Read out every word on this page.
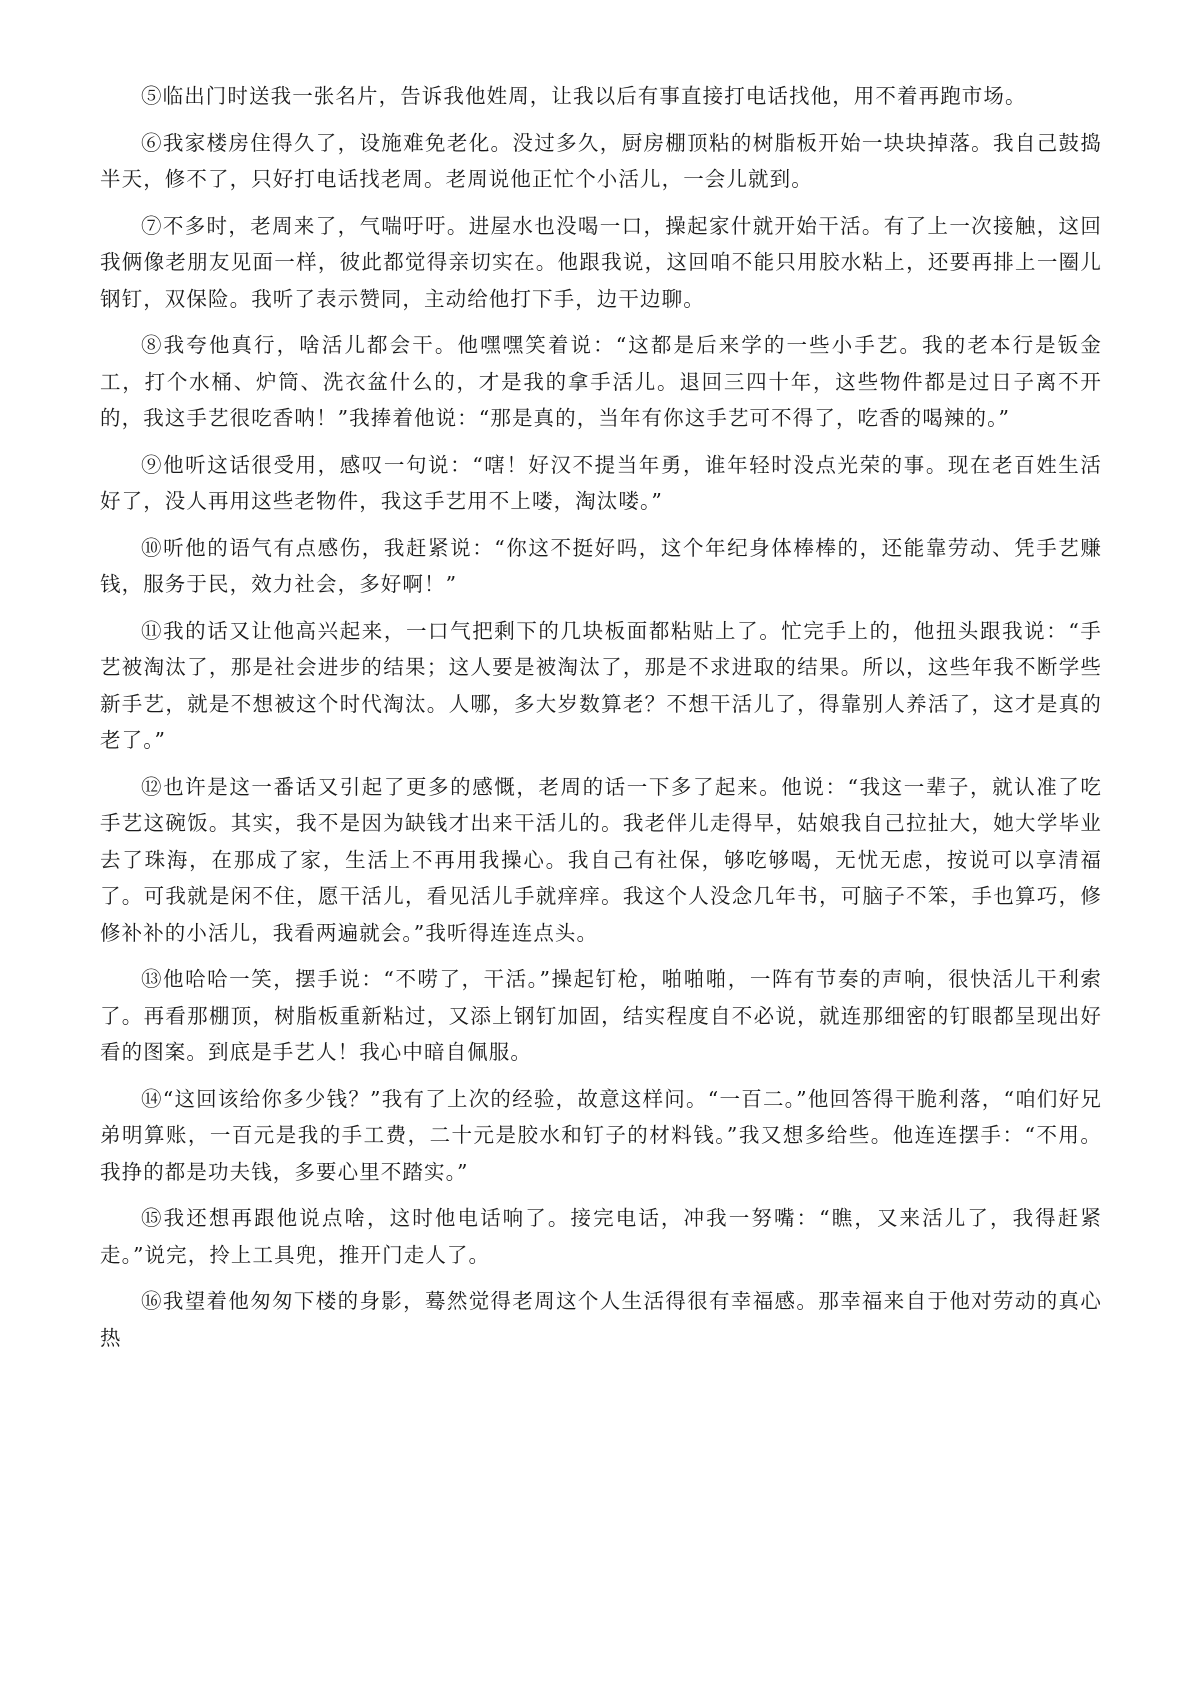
⑤临出门时送我一张名片，告诉我他姓周，让我以后有事直接打电话找他，用不着再跑市场。

⑥我家楼房住得久了，设施难免老化。没过多久，厨房棚顶粘的树脂板开始一块块掉落。我自己鼓捣半天，修不了，只好打电话找老周。老周说他正忙个小活儿，一会儿就到。

⑦不多时，老周来了，气喘吁吁。进屋水也没喝一口，操起家什就开始干活。有了上一次接触，这回我俩像老朋友见面一样，彼此都觉得亲切实在。他跟我说，这回咱不能只用胶水粘上，还要再排上一圈儿钢钉，双保险。我听了表示赞同，主动给他打下手，边干边聊。

⑧我夸他真行，啥活儿都会干。他嘿嘿笑着说：“这都是后来学的一些小手艺。我的老本行是钣金工，打个水桶、炉筒、洗衣盆什么的，才是我的拿手活儿。退回三四十年，这些物件都是过日子离不开的，我这手艺很吃香呐！”我捧着他说：“那是真的，当年有你这手艺可不得了，吃香的喝辣的。”

⑨他听这话很受用，感叹一句说：“嗐！好汉不提当年勇，谁年轻时没点光荣的事。现在老百姓生活好了，没人再用这些老物件，我这手艺用不上喽，淘汰喽。”

⑩听他的语气有点感伤，我赶紧说：“你这不挺好吗，这个年纪身体棒棒的，还能靠劳动、凭手艺赚钱，服务于民，效力社会，多好啊！”

⑪我的话又让他高兴起来，一口气把剩下的几块板面都粘贴上了。忙完手上的，他扭头跟我说：“手艺被淘汰了，那是社会进步的结果；这人要是被淘汰了，那是不求进取的结果。所以，这些年我不断学些新手艺，就是不想被这个时代淘汰。人哪，多大岁数算老？不想干活儿了，得靠别人养活了，这才是真的老了。”

⑫也许是这一番话又引起了更多的感慨，老周的话一下多了起来。他说：“我这一辈子，就认准了吃手艺这碗饭。其实，我不是因为缺钱才出来干活儿的。我老伴儿走得早，姑娘我自己拉扯大，她大学毕业去了珠海，在那成了家，生活上不再用我操心。我自己有社保，够吃够喝，无忧无虑，按说可以享清福了。可我就是闲不住，愿干活儿，看见活儿手就痒痒。我这个人没念几年书，可脑子不笨，手也算巧，修修补补的小活儿，我看两遍就会。”我听得连连点头。

⑬他哈哈一笑，摆手说：“不唠了，干活。”操起钉枪，啪啪啪，一阵有节奏的声响，很快活儿干利索了。再看那棚顶，树脂板重新粘过，又添上钢钉加固，结实程度自不必说，就连那细密的钉眼都呈现出好看的图案。到底是手艺人！我心中暗自佩服。

⑭“这回该给你多少钱？”我有了上次的经验，故意这样问。“一百二。”他回答得干脆利落，“咱们好兄弟明算账，一百元是我的手工费，二十元是胶水和钉子的材料钱。”我又想多给些。他连连摆手：“不用。我挣的都是功夫钱，多要心里不踏实。”

⑮我还想再跟他说点啥，这时他电话响了。接完电话，冲我一努嘴：“瞧，又来活儿了，我得赶紧走。”说完，拎上工具兜，推开门走人了。

⑯我望着他匆匆下楼的身影，蓦然觉得老周这个人生活得很有幸福感。那幸福来自于他对劳动的真心热
